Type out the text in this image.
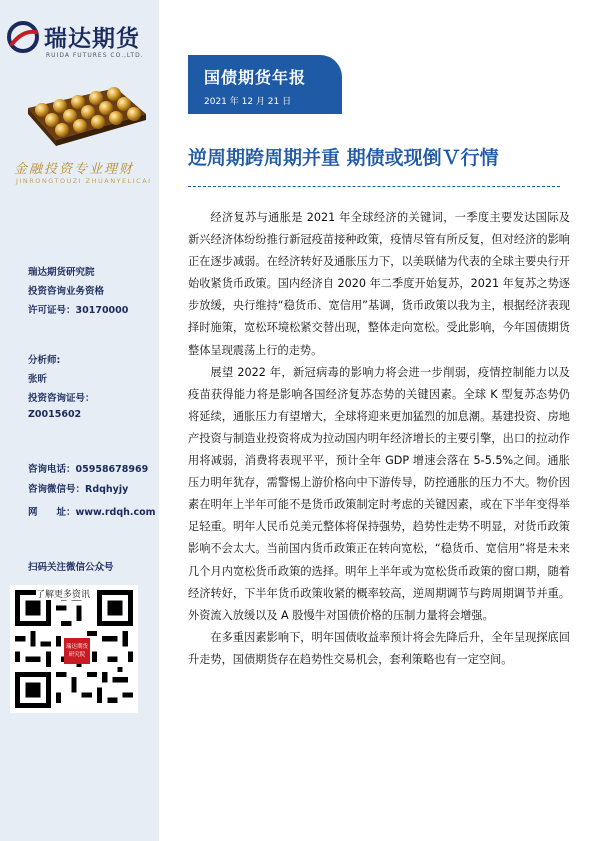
瑞达期货
RUIDA FUTURES CO.,LTD.
金融投资专业理财
JINRONGTOUZI ZHUANYELICAI
瑞达期货研究院
投资咨询业务资格
许可证号：30170000
分析师:
张昕
投资咨询证号：
Z0015602
咨询电话：05958678969
咨询微信号：Rdqhyjy
网　　址：www.rdqh.com
扫码关注微信公众号
了解更多资讯
瑞达期货研究院
国债期货年报
2021 年 12 月 21 日
逆周期跨周期并重 期债或现倒Ｖ行情

经济复苏与通胀是 2021 年全球经济的关键词，一季度主要发达国际及新兴经济体纷纷推行新冠疫苗接种政策，疫情尽管有所反复，但对经济的影响正在逐步减弱。在经济转好及通胀压力下，以美联储为代表的全球主要央行开始收紧货币政策。国内经济自 2020 年二季度开始复苏，2021 年复苏之势逐步放缓，央行维持“稳货币、宽信用”基调，货币政策以我为主，根据经济表现择时施策，宽松环境松紧交替出现，整体走向宽松。受此影响，今年国债期货整体呈现震荡上行的走势。

展望 2022 年，新冠病毒的影响力将会进一步削弱，疫情控制能力以及疫苗获得能力将是影响各国经济复苏态势的关键因素。全球 K 型复苏态势仍将延续，通胀压力有望增大，全球将迎来更加猛烈的加息潮。基建投资、房地产投资与制造业投资将成为拉动国内明年经济增长的主要引擎，出口的拉动作用将减弱，消费将表现平平，预计全年 GDP 增速会落在 5-5.5%之间。通胀压力明年犹存，需警惕上游价格向中下游传导，防控通胀的压力不大。物价因素在明年上半年可能不是货币政策制定时考虑的关键因素，或在下半年变得举足轻重。明年人民币兑美元整体将保持强势，趋势性走势不明显，对货币政策影响不会太大。当前国内货币政策正在转向宽松，“稳货币、宽信用”将是未来几个月内宽松货币政策的选择。明年上半年或为宽松货币政策的窗口期，随着经济转好，下半年货币政策收紧的概率较高，逆周期调节与跨周期调节并重。外资流入放缓以及 A 股慢牛对国债价格的压制力量将会增强。

在多重因素影响下，明年国债收益率预计将会先降后升，全年呈现探底回升走势，国债期货存在趋势性交易机会，套利策略也有一定空间。
